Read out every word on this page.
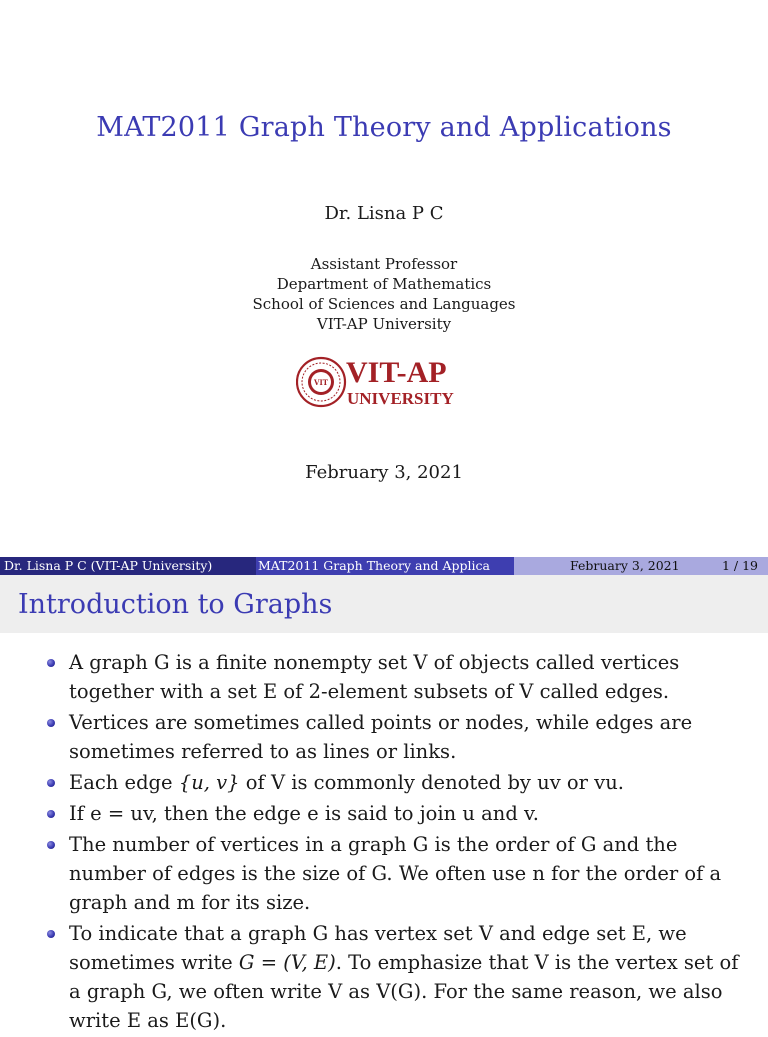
MAT2011 Graph Theory and Applications
Dr. Lisna P C
Assistant Professor
Department of Mathematics
School of Sciences and Languages
VIT-AP University
VIT VIT-AP
UNIVERSITY
February 3, 2021
Dr. Lisna P C (VIT-AP University)	MAT2011 Graph Theory and Applica	February 3, 2021	1 / 19
Introduction to Graphs
A graph G is a finite nonempty set V of objects called vertices together with a set E of 2-element subsets of V called edges.
Vertices are sometimes called points or nodes, while edges are sometimes referred to as lines or links.
Each edge {u, v} of V is commonly denoted by uv or vu.
If e = uv, then the edge e is said to join u and v.
The number of vertices in a graph G is the order of G and the number of edges is the size of G. We often use n for the order of a graph and m for its size.
To indicate that a graph G has vertex set V and edge set E, we sometimes write G = (V, E). To emphasize that V is the vertex set of a graph G, we often write V as V(G). For the same reason, we also write E as E(G).
